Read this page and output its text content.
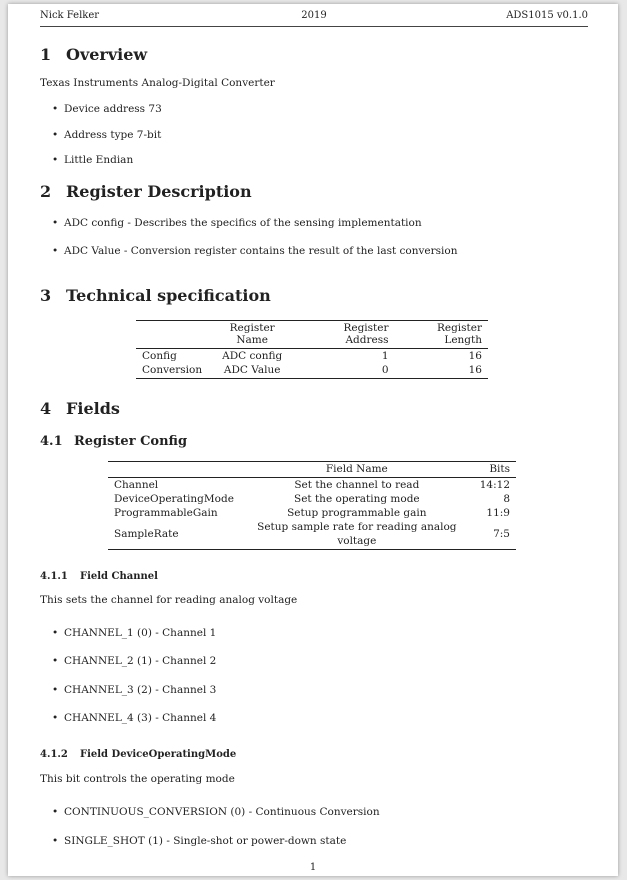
Nick Felker	2019	ADS1015 v0.1.0
1 Overview
Texas Instruments Analog-Digital Converter
• Device address 73
• Address type 7-bit
• Little Endian
2 Register Description
• ADC config - Describes the specifics of the sensing implementation
• ADC Value - Conversion register contains the result of the last conversion
3 Technical specification
	Register Name	Register Address	Register Length
Config	ADC config	1	16
Conversion	ADC Value	0	16
4 Fields
4.1 Register Config
	Field Name	Bits
Channel	Set the channel to read	14:12
DeviceOperatingMode	Set the operating mode	8
ProgrammableGain	Setup programmable gain	11:9
SampleRate	Setup sample rate for reading analog voltage	7:5
4.1.1 Field Channel
This sets the channel for reading analog voltage
• CHANNEL_1 (0) - Channel 1
• CHANNEL_2 (1) - Channel 2
• CHANNEL_3 (2) - Channel 3
• CHANNEL_4 (3) - Channel 4
4.1.2 Field DeviceOperatingMode
This bit controls the operating mode
• CONTINUOUS_CONVERSION (0) - Continuous Conversion
• SINGLE_SHOT (1) - Single-shot or power-down state
1
